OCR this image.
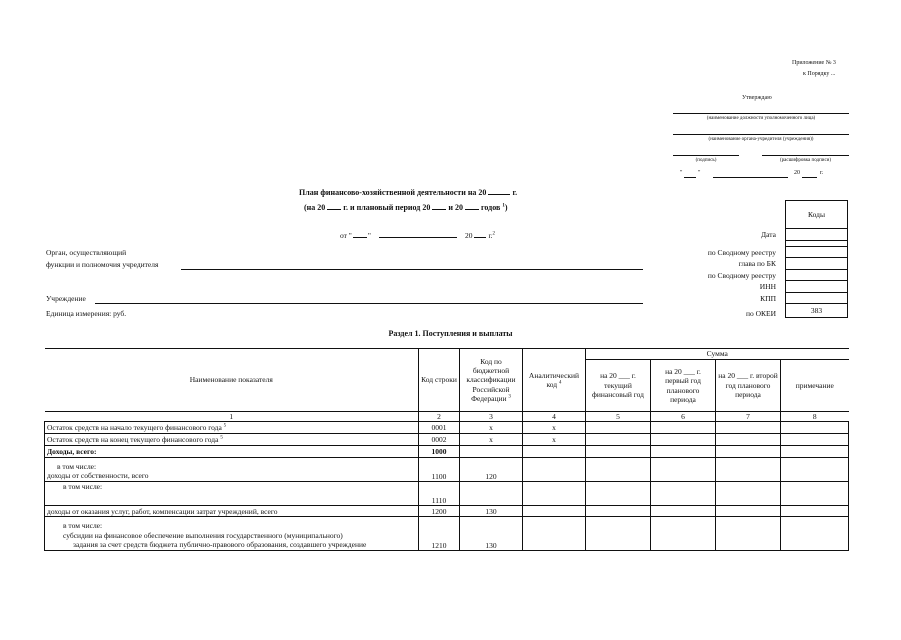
Приложение № 3
к Порядку ...
Утверждаю
(наименование должности уполномоченного лица)
(наименование органа-учредителя (учреждения))
(подпись)	(расшифровка подписи)
"	"	20	г.
План финансово-хозяйственной деятельности на 20	г.
(на 20 г. и плановый период 20 и 20 годов $^1$)
от " "	20 г.$^2$
Орган, осуществляющий
функции и полномочия учредителя
Учреждение
Единица измерения: руб.
Дата
по Сводному реестру
глава по БК
по Сводному реестру
ИНН
КПП
по ОКЕИ
Коды
383
Раздел 1. Поступления и выплаты
Наименование показателя	Код строки	Код по бюджетной классификации Российской Федерации $^3$	Аналитический код $^4$	Сумма			
				на 20 ___ г. текущий финансовый год	на 20 ___ г. первый год планового периода	на 20 ___ г. второй год планового периода	примечание
1	2	3	4	5	6	7	8
Остаток средств на начало текущего финансового года $^5$	0001	x	x				
Остаток средств на конец текущего финансового года $^5$	0002	x	x				
Доходы, всего:	1000						

в том числе:
доходы от собственности, всего	1100	120					

в том числе:	1110						
доходы от оказания услуг, работ, компенсации затрат учреждений, всего	1200	130					

в том числе:
субсидии на финансовое обеспечение выполнения государственного (муниципального)
задания за счет средств бюджета публично-правового образования, создавшего учреждение	1210	130					
